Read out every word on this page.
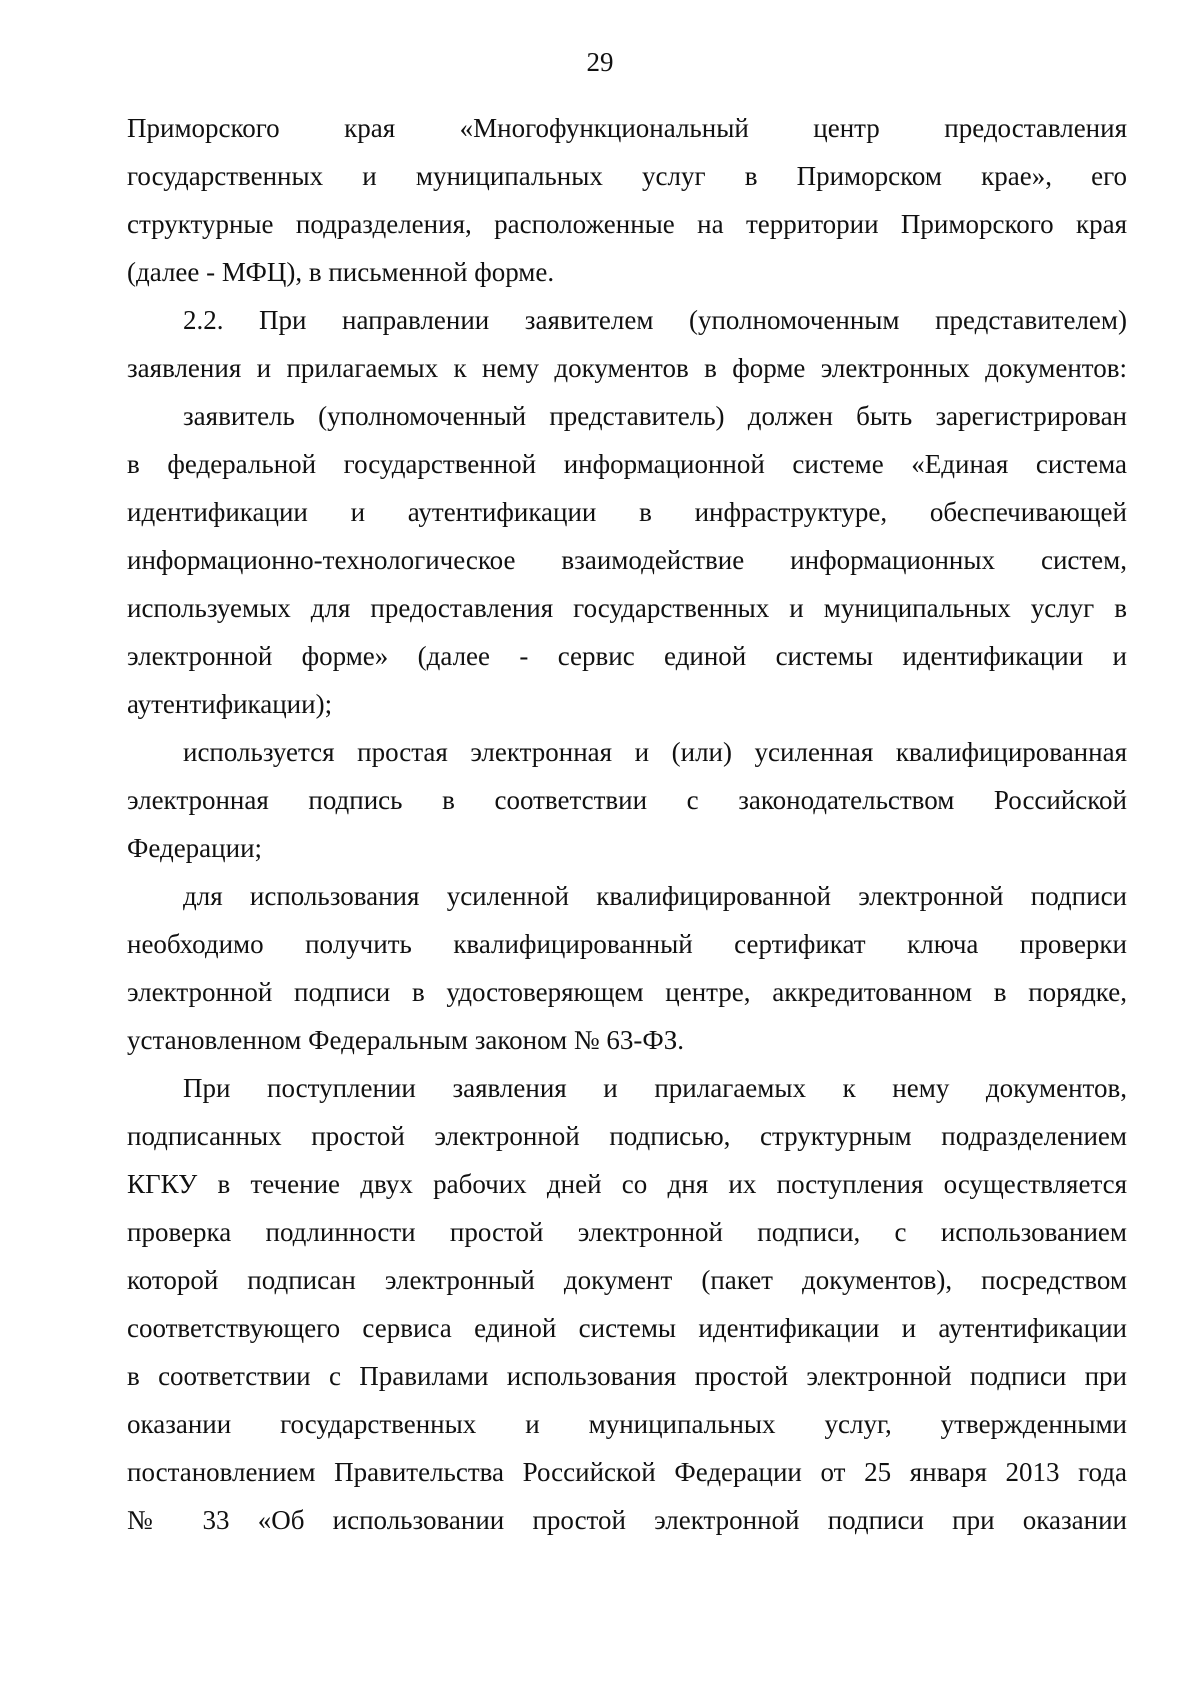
29
Приморского края «Многофункциональный центр предоставления
государственных и муниципальных услуг в Приморском крае», его
структурные подразделения, расположенные на территории Приморского края
(далее - МФЦ), в письменной форме.
2.2. При направлении заявителем (уполномоченным представителем)
заявления и прилагаемых к нему документов в форме электронных документов:
заявитель (уполномоченный представитель) должен быть зарегистрирован
в федеральной государственной информационной системе «Единая система
идентификации и аутентификации в инфраструктуре, обеспечивающей
информационно-технологическое взаимодействие информационных систем,
используемых для предоставления государственных и муниципальных услуг в
электронной форме» (далее - сервис единой системы идентификации и
аутентификации);
используется простая электронная и (или) усиленная квалифицированная
электронная подпись в соответствии с законодательством Российской
Федерации;
для использования усиленной квалифицированной электронной подписи
необходимо получить квалифицированный сертификат ключа проверки
электронной подписи в удостоверяющем центре, аккредитованном в порядке,
установленном Федеральным законом № 63-ФЗ.
При поступлении заявления и прилагаемых к нему документов,
подписанных простой электронной подписью, структурным подразделением
КГКУ в течение двух рабочих дней со дня их поступления осуществляется
проверка подлинности простой электронной подписи, с использованием
которой подписан электронный документ (пакет документов), посредством
соответствующего сервиса единой системы идентификации и аутентификации
в соответствии с Правилами использования простой электронной подписи при
оказании государственных и муниципальных услуг, утвержденными
постановлением Правительства Российской Федерации от 25 января 2013 года
№ 33 «Об использовании простой электронной подписи при оказании
